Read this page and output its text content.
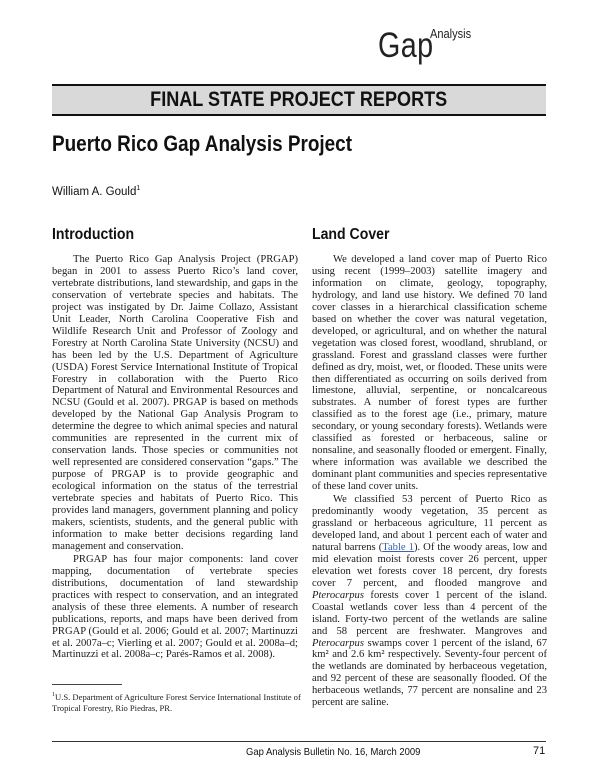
Gap
Analysis
FINAL STATE PROJECT REPORTS
Puerto Rico Gap Analysis Project
William A. Gould$^1$
Introduction	Land Cover

The Puerto Rico Gap Analysis Project (PRGAP) began in 2001 to assess Puerto Rico’s land cover, vertebrate distributions, land stewardship, and gaps in the conservation of vertebrate species and habitats. The project was instigated by Dr. Jaime Collazo, Assistant Unit Leader, North Carolina Cooperative Fish and Wildlife Research Unit and Professor of Zoology and Forestry at North Carolina State University (NCSU) and has been led by the U.S. Department of Agriculture (USDA) Forest Service International Institute of Tropical Forestry in collaboration with the Puerto Rico Department of Natural and Environmental Resources and NCSU (Gould et al. 2007). PRGAP is based on methods developed by the National Gap Analysis Program to determine the degree to which animal species and natural communities are represented in the current mix of conservation lands. Those species or communities not well represented are considered conservation “gaps.” The purpose of PRGAP is to provide geographic and ecological information on the status of the terrestrial vertebrate species and habitats of Puerto Rico. This provides land managers, government planning and policy makers, scientists, students, and the general public with information to make better decisions regarding land management and conservation.

PRGAP has four major components: land cover mapping, documentation of vertebrate species distributions, documentation of land stewardship practices with respect to conservation, and an integrated analysis of these three elements. A number of research publications, reports, and maps have been derived from PRGAP (Gould et al. 2006; Gould et al. 2007; Martinuzzi et al. 2007a–c; Vierling et al. 2007; Gould et al. 2008a–d; Martinuzzi et al. 2008a–c; Parés-Ramos et al. 2008).

We developed a land cover map of Puerto Rico using recent (1999–2003) satellite imagery and information on climate, geology, topography, hydrology, and land use history. We defined 70 land cover classes in a hierarchical classification scheme based on whether the cover was natural vegetation, developed, or agricultural, and on whether the natural vegetation was closed forest, woodland, shrubland, or grassland. Forest and grassland classes were further defined as dry, moist, wet, or flooded. These units were then differentiated as occurring on soils derived from limestone, alluvial, serpentine, or noncalcareous substrates. A number of forest types are further classified as to the forest age (i.e., primary, mature secondary, or young secondary forests). Wetlands were classified as forested or herbaceous, saline or nonsaline, and seasonally flooded or emergent. Finally, where information was available we described the dominant plant communities and species representative of these land cover units.

We classified 53 percent of Puerto Rico as predominantly woody vegetation, 35 percent as grassland or herbaceous agriculture, 11 percent as developed land, and about 1 percent each of water and natural barrens (Table 1). Of the woody areas, low and mid elevation moist forests cover 26 percent, upper elevation wet forests cover 18 percent, dry forests cover 7 percent, and flooded mangrove and Pterocarpus forests cover 1 percent of the island. Coastal wetlands cover less than 4 percent of the island. Forty-two percent of the wetlands are saline and 58 percent are freshwater. Mangroves and Pterocarpus swamps cover 1 percent of the island, 67 km² and 2.6 km² respectively. Seventy-four percent of the wetlands are dominated by herbaceous vegetation, and 92 percent of these are seasonally flooded. Of the herbaceous wetlands, 77 percent are nonsaline and 23 percent are saline.

$^1$U.S. Department of Agriculture Forest Service International Institute of Tropical Forestry, Río Piedras, PR.
Gap Analysis Bulletin No. 16, March 2009	71
